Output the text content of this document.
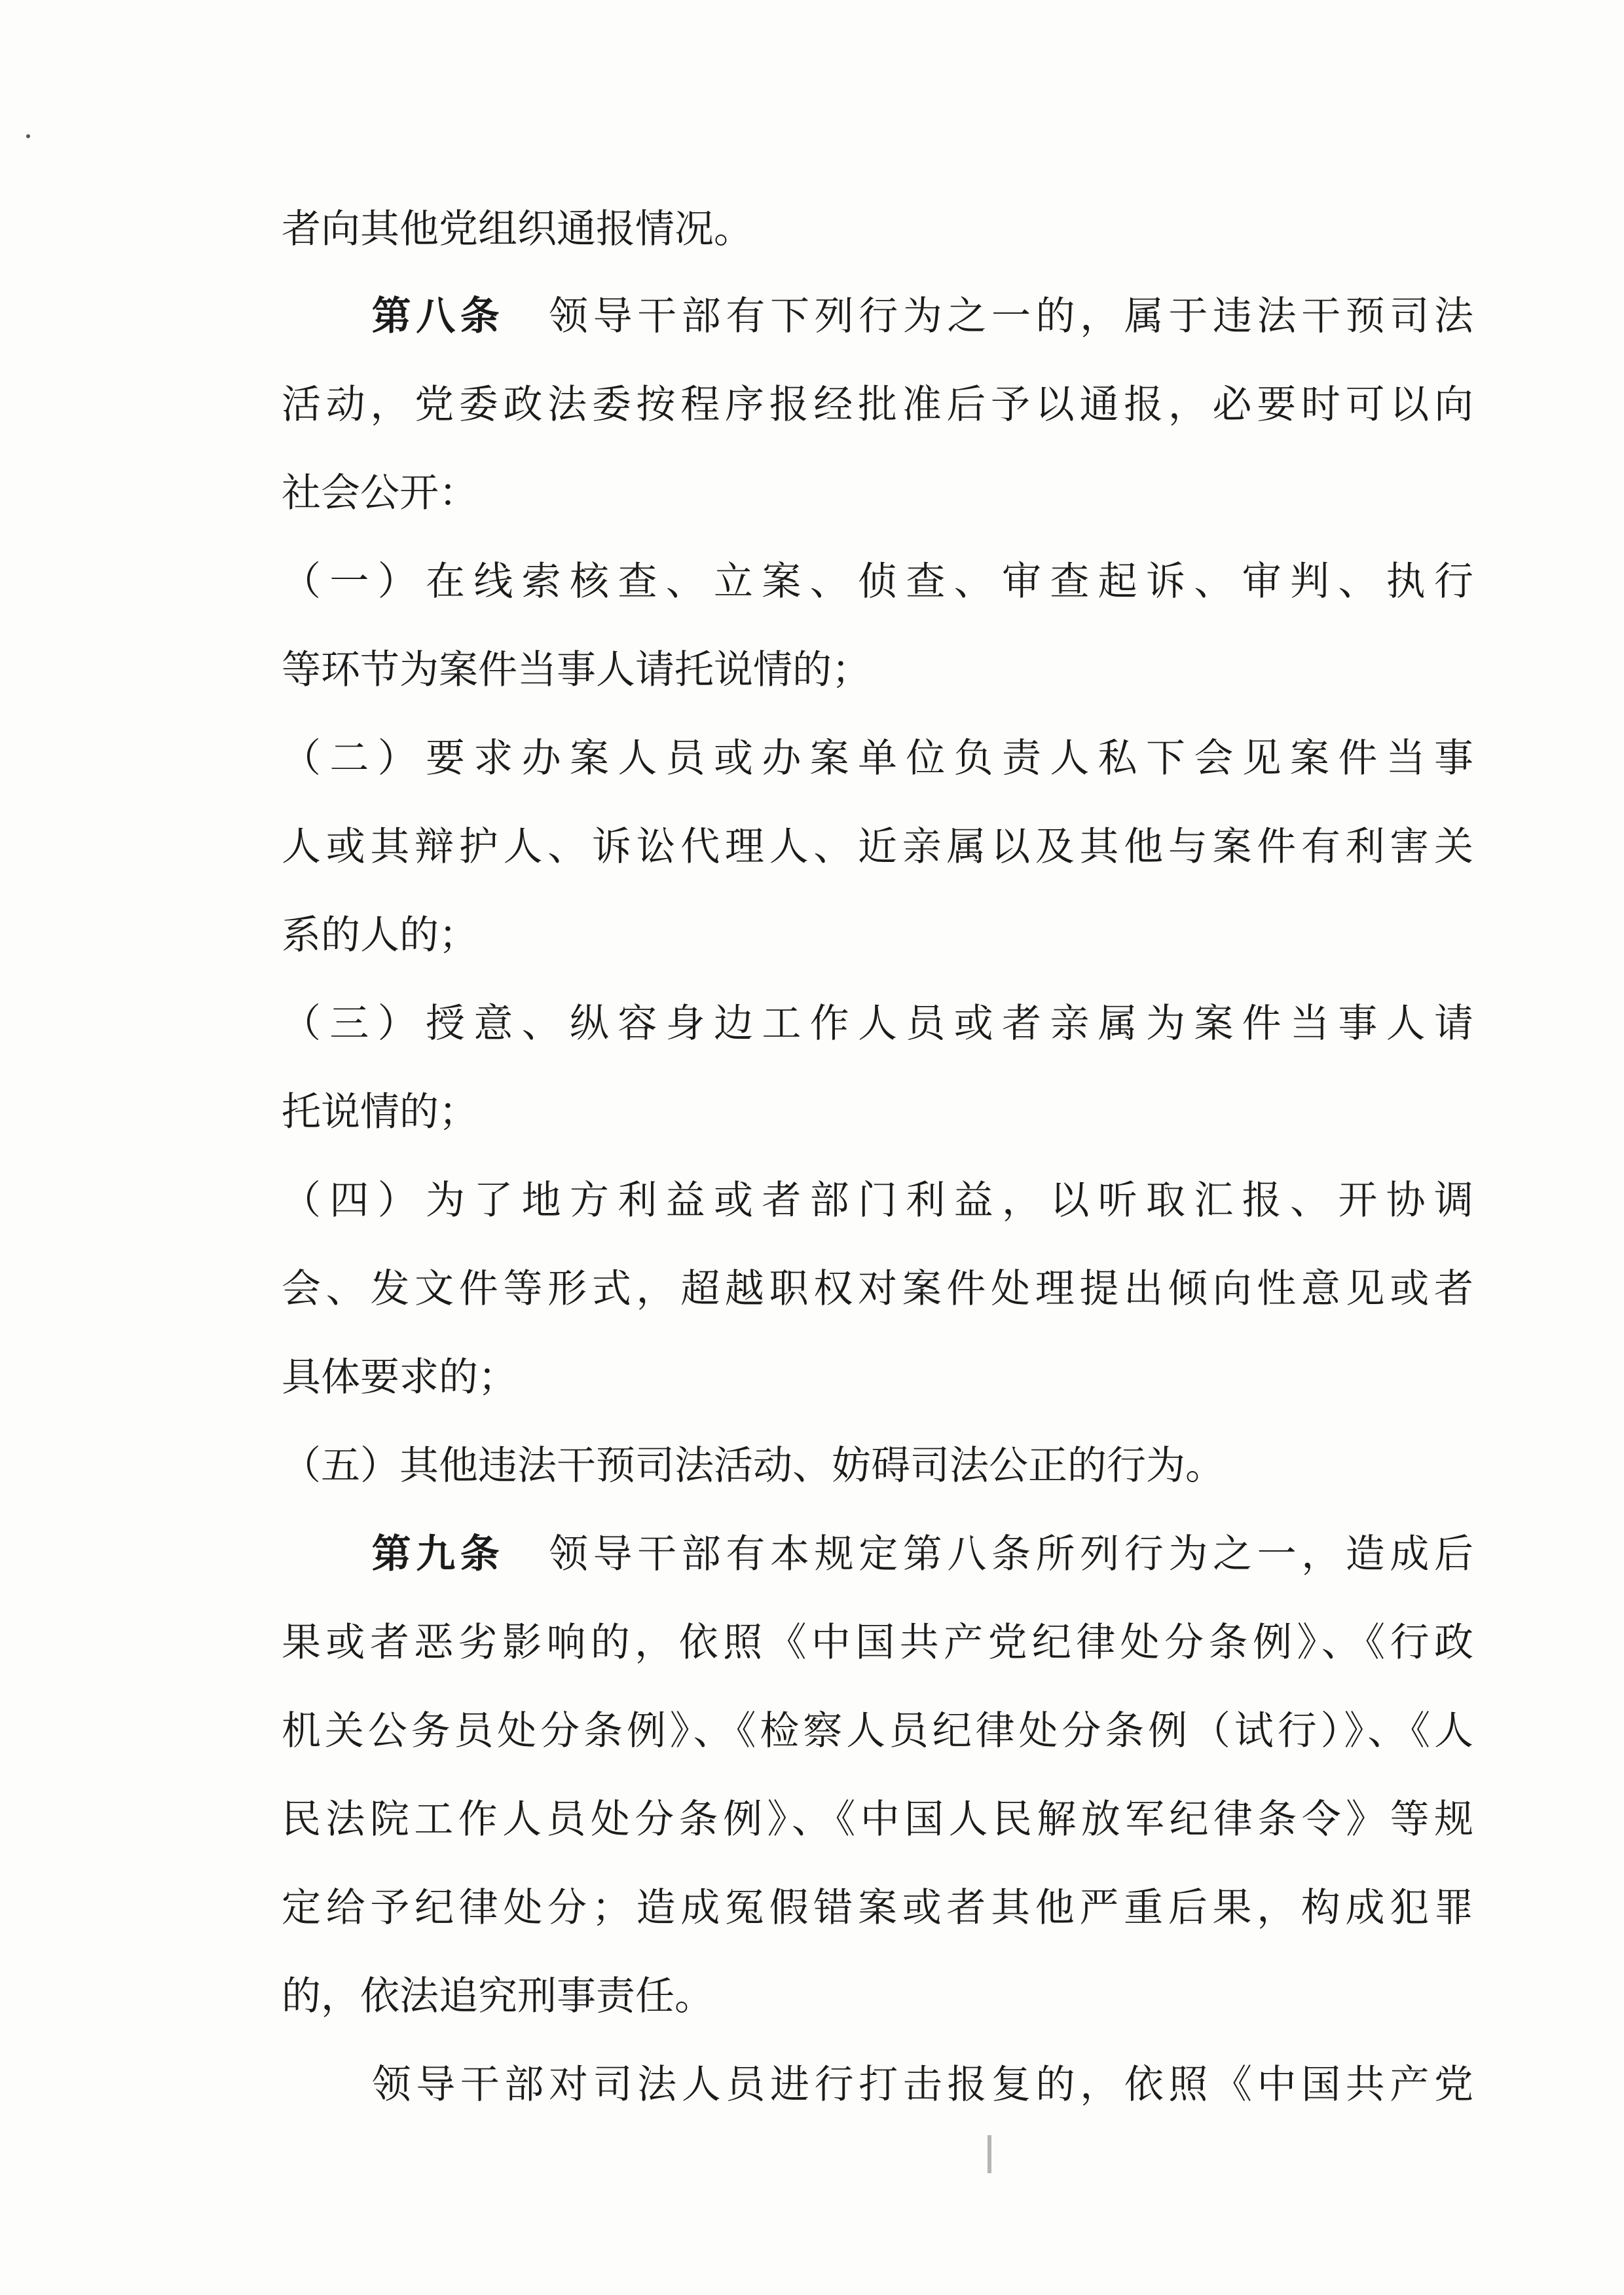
者向其他党组织通报情况。
第八条 领导干部有下列行为之一的，属于违法干预司法
活动，党委政法委按程序报经批准后予以通报，必要时可以向
社会公开：
（一）在线索核查、立案、侦查、审查起诉、审判、执行
等环节为案件当事人请托说情的；
（二）要求办案人员或办案单位负责人私下会见案件当事
人或其辩护人、诉讼代理人、近亲属以及其他与案件有利害关
系的人的；
（三）授意、纵容身边工作人员或者亲属为案件当事人请
托说情的；
（四）为了地方利益或者部门利益，以听取汇报、开协调
会、发文件等形式，超越职权对案件处理提出倾向性意见或者
具体要求的；
（五）其他违法干预司法活动、妨碍司法公正的行为。
第九条 领导干部有本规定第八条所列行为之一，造成后
果或者恶劣影响的，依照《中国共产党纪律处分条例》、《行政
机关公务员处分条例》、《检察人员纪律处分条例（试行）》、《人
民法院工作人员处分条例》、《中国人民解放军纪律条令》等规
定给予纪律处分；造成冤假错案或者其他严重后果，构成犯罪
的，依法追究刑事责任。
领导干部对司法人员进行打击报复的，依照《中国共产党
